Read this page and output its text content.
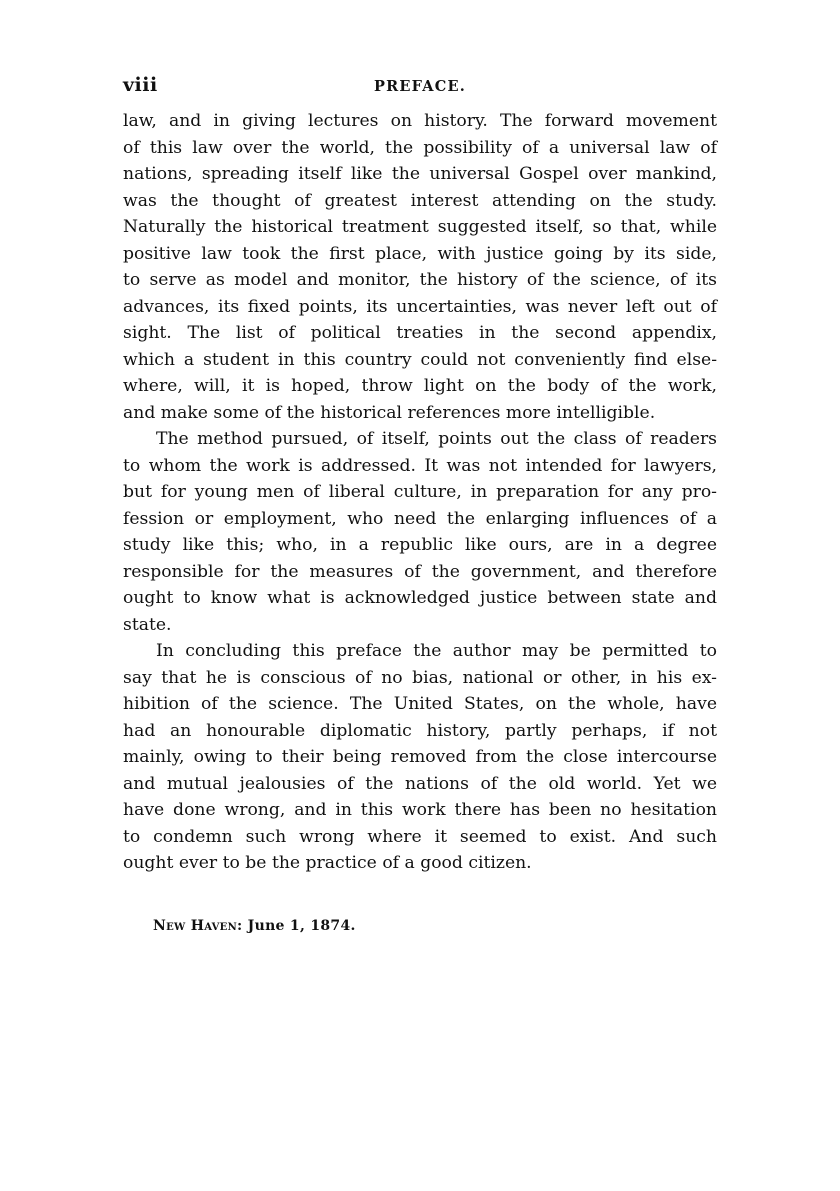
viii	PREFACE.
law, and in giving lectures on history. The forward movement
of this law over the world, the possibility of a universal law of
nations, spreading itself like the universal Gospel over mankind,
was the thought of greatest interest attending on the study.
Naturally the historical treatment suggested itself, so that, while
positive law took the first place, with justice going by its side,
to serve as model and monitor, the history of the science, of its
advances, its fixed points, its uncertainties, was never left out of
sight. The list of political treaties in the second appendix,
which a student in this country could not conveniently find else-
where, will, it is hoped, throw light on the body of the work,
and make some of the historical references more intelligible.
The method pursued, of itself, points out the class of readers
to whom the work is addressed. It was not intended for lawyers,
but for young men of liberal culture, in preparation for any pro-
fession or employment, who need the enlarging influences of a
study like this; who, in a republic like ours, are in a degree
responsible for the measures of the government, and therefore
ought to know what is acknowledged justice between state and
state.
In concluding this preface the author may be permitted to
say that he is conscious of no bias, national or other, in his ex-
hibition of the science. The United States, on the whole, have
had an honourable diplomatic history, partly perhaps, if not
mainly, owing to their being removed from the close intercourse
and mutual jealousies of the nations of the old world. Yet we
have done wrong, and in this work there has been no hesitation
to condemn such wrong where it seemed to exist. And such
ought ever to be the practice of a good citizen.
New Haven: June 1, 1874.
